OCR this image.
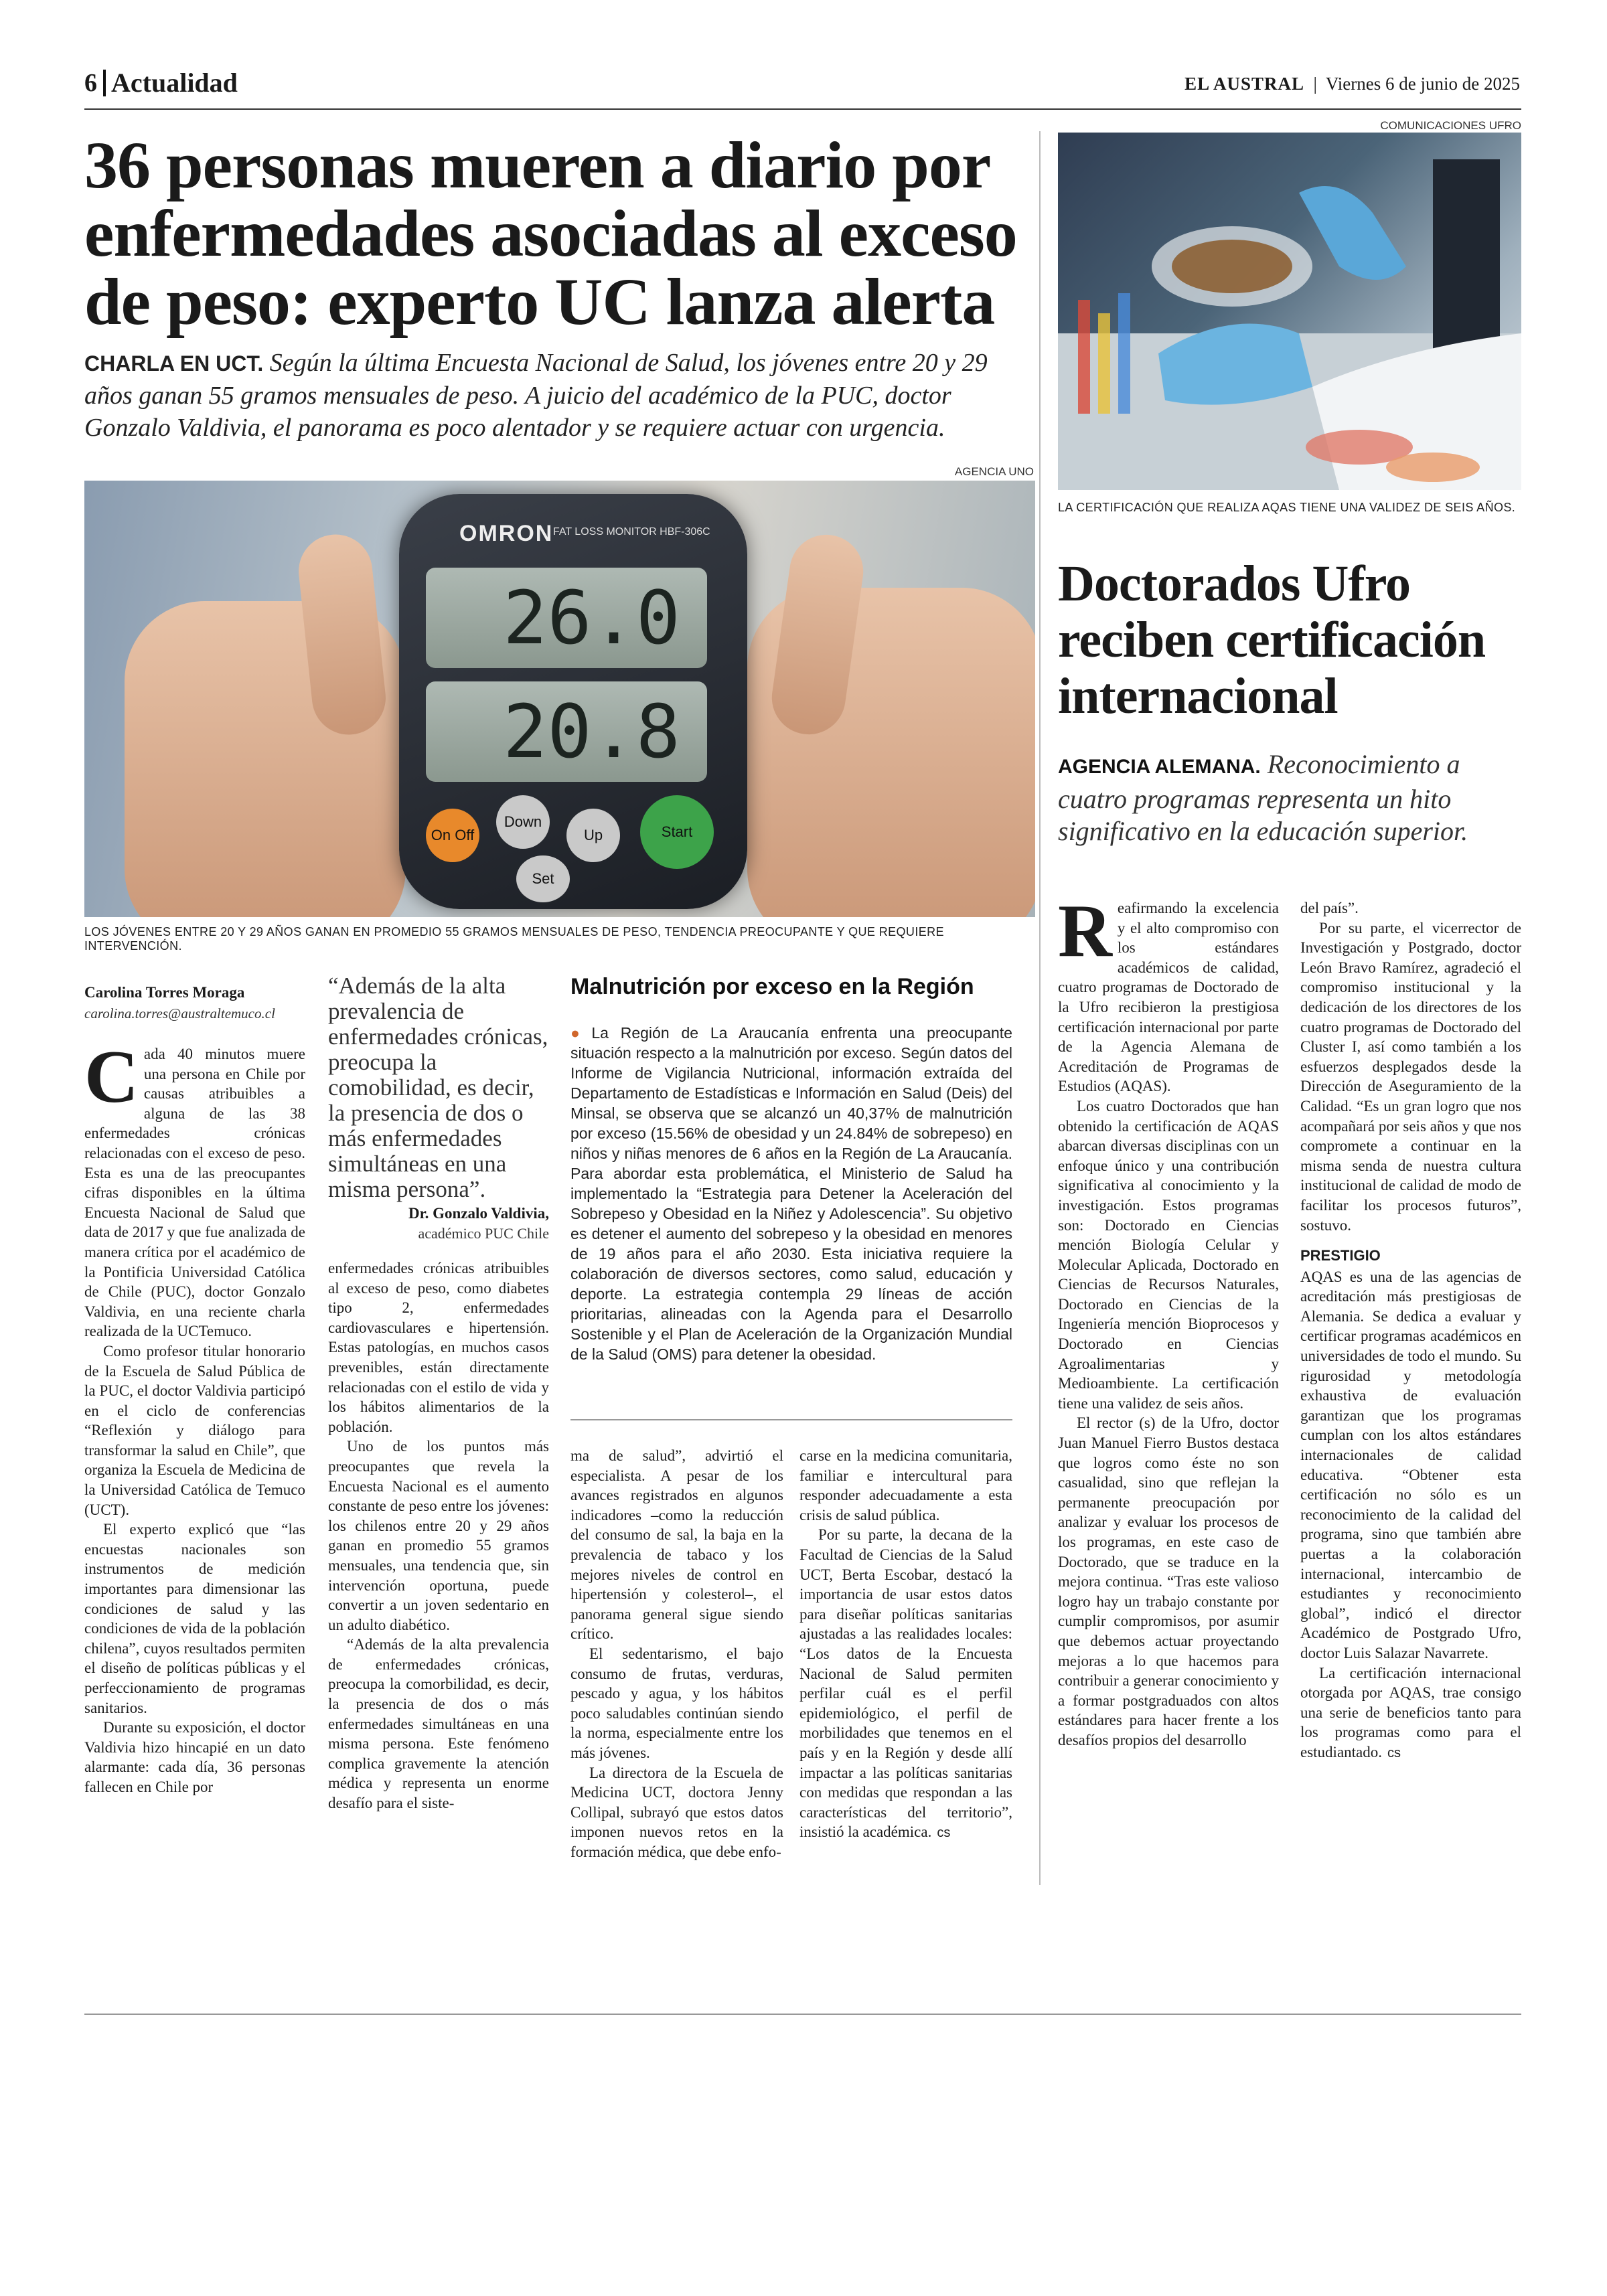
6 Actualidad	EL AUSTRAL  |  Viernes 6 de junio de 2025
36 personas mueren a diario por enfermedades asociadas al exceso de peso: experto UC lanza alerta
CHARLA EN UCT. Según la última Encuesta Nacional de Salud, los jóvenes entre 20 y 29 años ganan 55 gramos mensuales de peso. A juicio del académico de la PUC, doctor Gonzalo Valdivia, el panorama es poco alentador y se requiere actuar con urgencia.
AGENCIA UNO
OMRON FAT LOSS MONITOR HBF-306C
26.0
20.8
On Off
Down
Up
Set
Start
LOS JÓVENES ENTRE 20 Y 29 AÑOS GANAN EN PROMEDIO 55 GRAMOS MENSUALES DE PESO, TENDENCIA PREOCUPANTE Y QUE REQUIERE INTERVENCIÓN.
Carolina Torres Moraga
carolina.torres@australtemuco.cl

Cada 40 minutos muere una persona en Chile por causas atribuibles a alguna de las 38 enfermedades crónicas relacionadas con el exceso de peso. Esta es una de las preocupantes cifras disponibles en la última Encuesta Nacional de Salud que data de 2017 y que fue analizada de manera crítica por el académico de la Pontificia Universidad Católica de Chile (PUC), doctor Gonzalo Valdivia, en una reciente charla realizada de la UCTemuco.

Como profesor titular honorario de la Escuela de Salud Pública de la PUC, el doctor Valdivia participó en el ciclo de conferencias “Reflexión y diálogo para transformar la salud en Chile”, que organiza la Escuela de Medicina de la Universidad Católica de Temuco (UCT).

El experto explicó que “las encuestas nacionales son instrumentos de medición importantes para dimensionar las condiciones de salud y las condiciones de vida de la población chilena”, cuyos resultados permiten el diseño de políticas públicas y el perfeccionamiento de programas sanitarios.

Durante su exposición, el doctor Valdivia hizo hincapié en un dato alarmante: cada día, 36 personas fallecen en Chile por

“Además de la alta prevalencia de enfermedades crónicas, preocupa la comobilidad, es decir, la presencia de dos o más enfermedades simultáneas en una misma persona”.
Dr. Gonzalo Valdivia,
académico PUC Chile

enfermedades crónicas atribuibles al exceso de peso, como diabetes tipo 2, enfermedades cardiovasculares e hipertensión. Estas patologías, en muchos casos prevenibles, están directamente relacionadas con el estilo de vida y los hábitos alimentarios de la población.

Uno de los puntos más preocupantes que revela la Encuesta Nacional es el aumento constante de peso entre los jóvenes: los chilenos entre 20 y 29 años ganan en promedio 55 gramos mensuales, una tendencia que, sin intervención oportuna, puede convertir a un joven sedentario en un adulto diabético.

“Además de la alta prevalencia de enfermedades crónicas, preocupa la comorbilidad, es decir, la presencia de dos o más enfermedades simultáneas en una misma persona. Este fenómeno complica gravemente la atención médica y representa un enorme desafío para el siste-

Malnutrición por exceso en la Región
● La Región de La Araucanía enfrenta una preocupante situación respecto a la malnutrición por exceso. Según datos del Informe de Vigilancia Nutricional, información extraída del Departamento de Estadísticas e Información en Salud (Deis) del Minsal, se observa que se alcanzó un 40,37% de malnutrición por exceso (15.56% de obesidad y un 24.84% de sobrepeso) en niños y niñas menores de 6 años en la Región de La Araucanía. Para abordar esta problemática, el Ministerio de Salud ha implementado la “Estrategia para Detener la Aceleración del Sobrepeso y Obesidad en la Niñez y Adolescencia”. Su objetivo es detener el aumento del sobrepeso y la obesidad en menores de 19 años para el año 2030. Esta iniciativa requiere la colaboración de diversos sectores, como salud, educación y deporte. La estrategia contempla 29 líneas de acción prioritarias, alineadas con la Agenda para el Desarrollo Sostenible y el Plan de Aceleración de la Organización Mundial de la Salud (OMS) para detener la obesidad.

ma de salud”, advirtió el especialista. A pesar de los avances registrados en algunos indicadores –como la reducción del consumo de sal, la baja en la prevalencia de tabaco y los mejores niveles de control en hipertensión y colesterol–, el panorama general sigue siendo crítico.

El sedentarismo, el bajo consumo de frutas, verduras, pescado y agua, y los hábitos poco saludables continúan siendo la norma, especialmente entre los más jóvenes.

La directora de la Escuela de Medicina UCT, doctora Jenny Collipal, subrayó que estos datos imponen nuevos retos en la formación médica, que debe enfo-

carse en la medicina comunitaria, familiar e intercultural para responder adecuadamente a esta crisis de salud pública.

Por su parte, la decana de la Facultad de Ciencias de la Salud UCT, Berta Escobar, destacó la importancia de usar estos datos para diseñar políticas sanitarias ajustadas a las realidades locales: “Los datos de la Encuesta Nacional de Salud permiten perfilar cuál es el perfil epidemiológico, el perfil de morbilidades que tenemos en el país y en la Región y desde allí impactar a las políticas sanitarias con medidas que respondan a las características del territorio”, insistió la académica. cs

COMUNICACIONES UFRO
LA CERTIFICACIÓN QUE REALIZA AQAS TIENE UNA VALIDEZ DE SEIS AÑOS.
Doctorados Ufro reciben certificación internacional
AGENCIA ALEMANA. Reconocimiento a cuatro programas representa un hito significativo en la educación superior.

Reafirmando la excelencia y el alto compromiso con los estándares académicos de calidad, cuatro programas de Doctorado de la Ufro recibieron la prestigiosa certificación internacional por parte de la Agencia Alemana de Acreditación de Programas de Estudios (AQAS).

Los cuatro Doctorados que han obtenido la certificación de AQAS abarcan diversas disciplinas con un enfoque único y una contribución significativa al conocimiento y la investigación. Estos programas son: Doctorado en Ciencias mención Biología Celular y Molecular Aplicada, Doctorado en Ciencias de Recursos Naturales, Doctorado en Ciencias de la Ingeniería mención Bioprocesos y Doctorado en Ciencias Agroalimentarias y Medioambiente. La certificación tiene una validez de seis años.

El rector (s) de la Ufro, doctor Juan Manuel Fierro Bustos destaca que logros como éste no son casualidad, sino que reflejan la permanente preocupación por analizar y evaluar los procesos de los programas, en este caso de Doctorado, que se traduce en la mejora continua. “Tras este valioso logro hay un trabajo constante por cumplir compromisos, por asumir que debemos actuar proyectando mejoras a lo que hacemos para contribuir a generar conocimiento y a formar postgraduados con altos estándares para hacer frente a los desafíos propios del desarrollo

del país”.

Por su parte, el vicerrector de Investigación y Postgrado, doctor León Bravo Ramírez, agradeció el compromiso institucional y la dedicación de los directores de los cuatro programas de Doctorado del Cluster I, así como también a los esfuerzos desplegados desde la Dirección de Aseguramiento de la Calidad. “Es un gran logro que nos acompañará por seis años y que nos compromete a continuar en la misma senda de nuestra cultura institucional de calidad de modo de facilitar los procesos futuros”, sostuvo.

PRESTIGIO

AQAS es una de las agencias de acreditación más prestigiosas de Alemania. Se dedica a evaluar y certificar programas académicos en universidades de todo el mundo. Su rigurosidad y metodología exhaustiva de evaluación garantizan que los programas cumplan con los altos estándares internacionales de calidad educativa. “Obtener esta certificación no sólo es un reconocimiento de la calidad del programa, sino que también abre puertas a la colaboración internacional, intercambio de estudiantes y reconocimiento global”, indicó el director Académico de Postgrado Ufro, doctor Luis Salazar Navarrete.

La certificación internacional otorgada por AQAS, trae consigo una serie de beneficios tanto para los programas como para el estudiantado. cs
